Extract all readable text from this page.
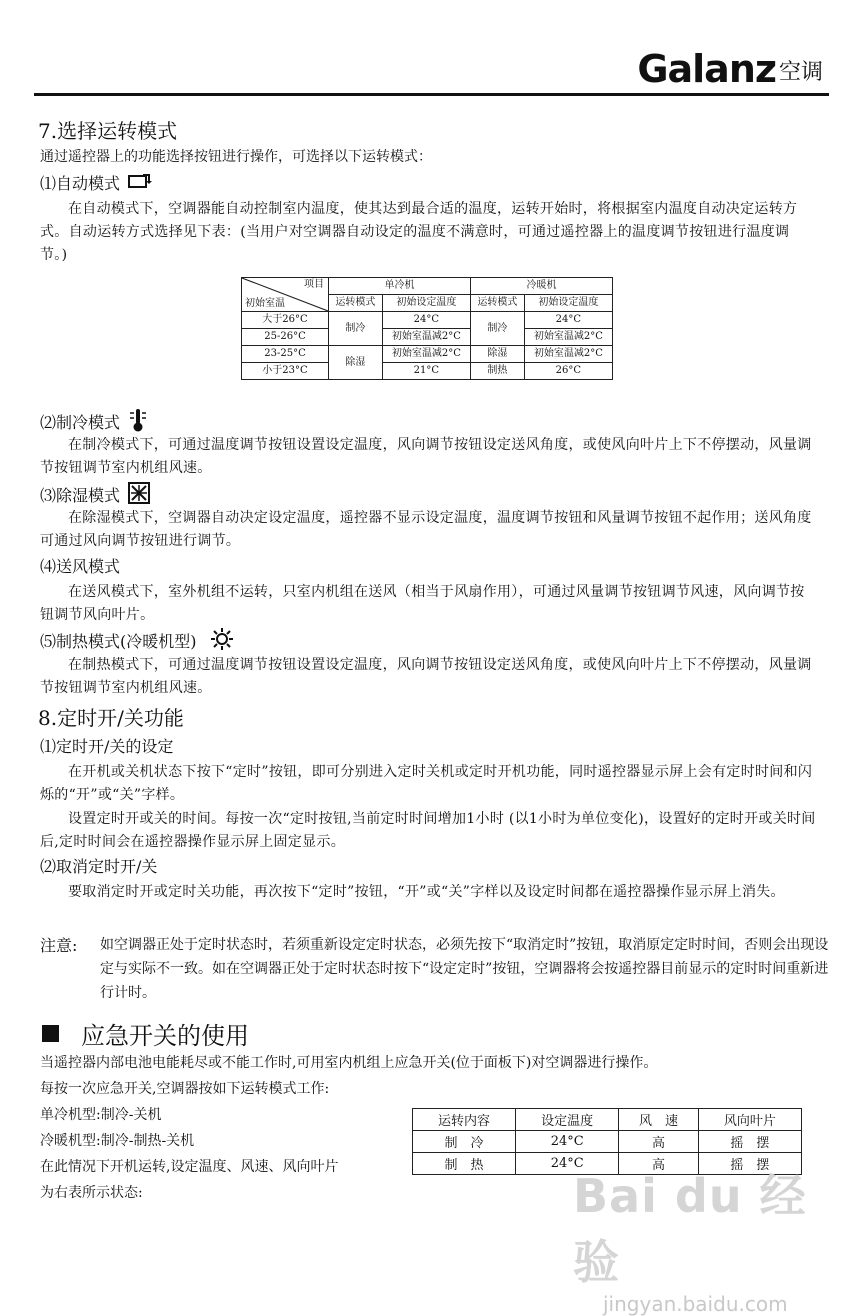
Galanz 空调
7.选择运转模式
通过遥控器上的功能选择按钮进行操作，可选择以下运转模式：
⑴自动模式
在自动模式下，空调器能自动控制室内温度，使其达到最合适的温度，运转开始时，将根据室内温度自动决定运转方式。自动运转方式选择见下表：(当用户对空调器自动设定的温度不满意时，可通过遥控器上的温度调节按钮进行温度调节。)
项目
初始室温	单冷机		冷暖机	
	运转模式	初始设定温度	运转模式	初始设定温度
大于26°C	制冷	24°C	制冷	24°C
25-26°C		初始室温减2°C		初始室温减2°C
23-25°C	除湿	初始室温减2°C	除湿	初始室温减2°C
小于23°C		21°C	制热	26°C
⑵制冷模式
在制冷模式下，可通过温度调节按钮设置设定温度，风向调节按钮设定送风角度，或使风向叶片上下不停摆动，风量调节按钮调节室内机组风速。
⑶除湿模式
在除湿模式下，空调器自动决定设定温度，遥控器不显示设定温度，温度调节按钮和风量调节按钮不起作用；送风角度可通过风向调节按钮进行调节。
⑷送风模式
在送风模式下，室外机组不运转，只室内机组在送风（相当于风扇作用），可通过风量调节按钮调节风速，风向调节按钮调节风向叶片。
⑸制热模式(冷暖机型)
在制热模式下，可通过温度调节按钮设置设定温度，风向调节按钮设定送风角度，或使风向叶片上下不停摆动，风量调节按钮调节室内机组风速。
8.定时开/关功能
⑴定时开/关的设定
在开机或关机状态下按下“定时”按钮，即可分别进入定时关机或定时开机功能，同时遥控器显示屏上会有定时时间和闪烁的“开”或“关”字样。
设置定时开或关的时间。每按一次“定时按钮,当前定时时间增加1小时 (以1小时为单位变化)，设置好的定时开或关时间后,定时时间会在遥控器操作显示屏上固定显示。
⑵取消定时开/关
要取消定时开或定时关功能，再次按下“定时”按钮，“开”或“关”字样以及设定时间都在遥控器操作显示屏上消失。
注意: 如空调器正处于定时状态时，若须重新设定定时状态，必须先按下“取消定时”按钮，取消原定定时时间，否则会出现设定与实际不一致。如在空调器正处于定时状态时按下“设定定时”按钮，空调器将会按遥控器目前显示的定时时间重新进行计时。
应急开关的使用
当遥控器内部电池电能耗尽或不能工作时,可用室内机组上应急开关(位于面板下)对空调器进行操作。
每按一次应急开关,空调器按如下运转模式工作:
单冷机型:制冷-关机
冷暖机型:制冷-制热-关机
在此情况下开机运转,设定温度、风速、风向叶片
为右表所示状态:
运转内容	设定温度	风　速	风向叶片
制　冷	24°C	高	摇　摆
制　热	24°C	高	摇　摆
Bai du 经验
jingyan.baidu.com
